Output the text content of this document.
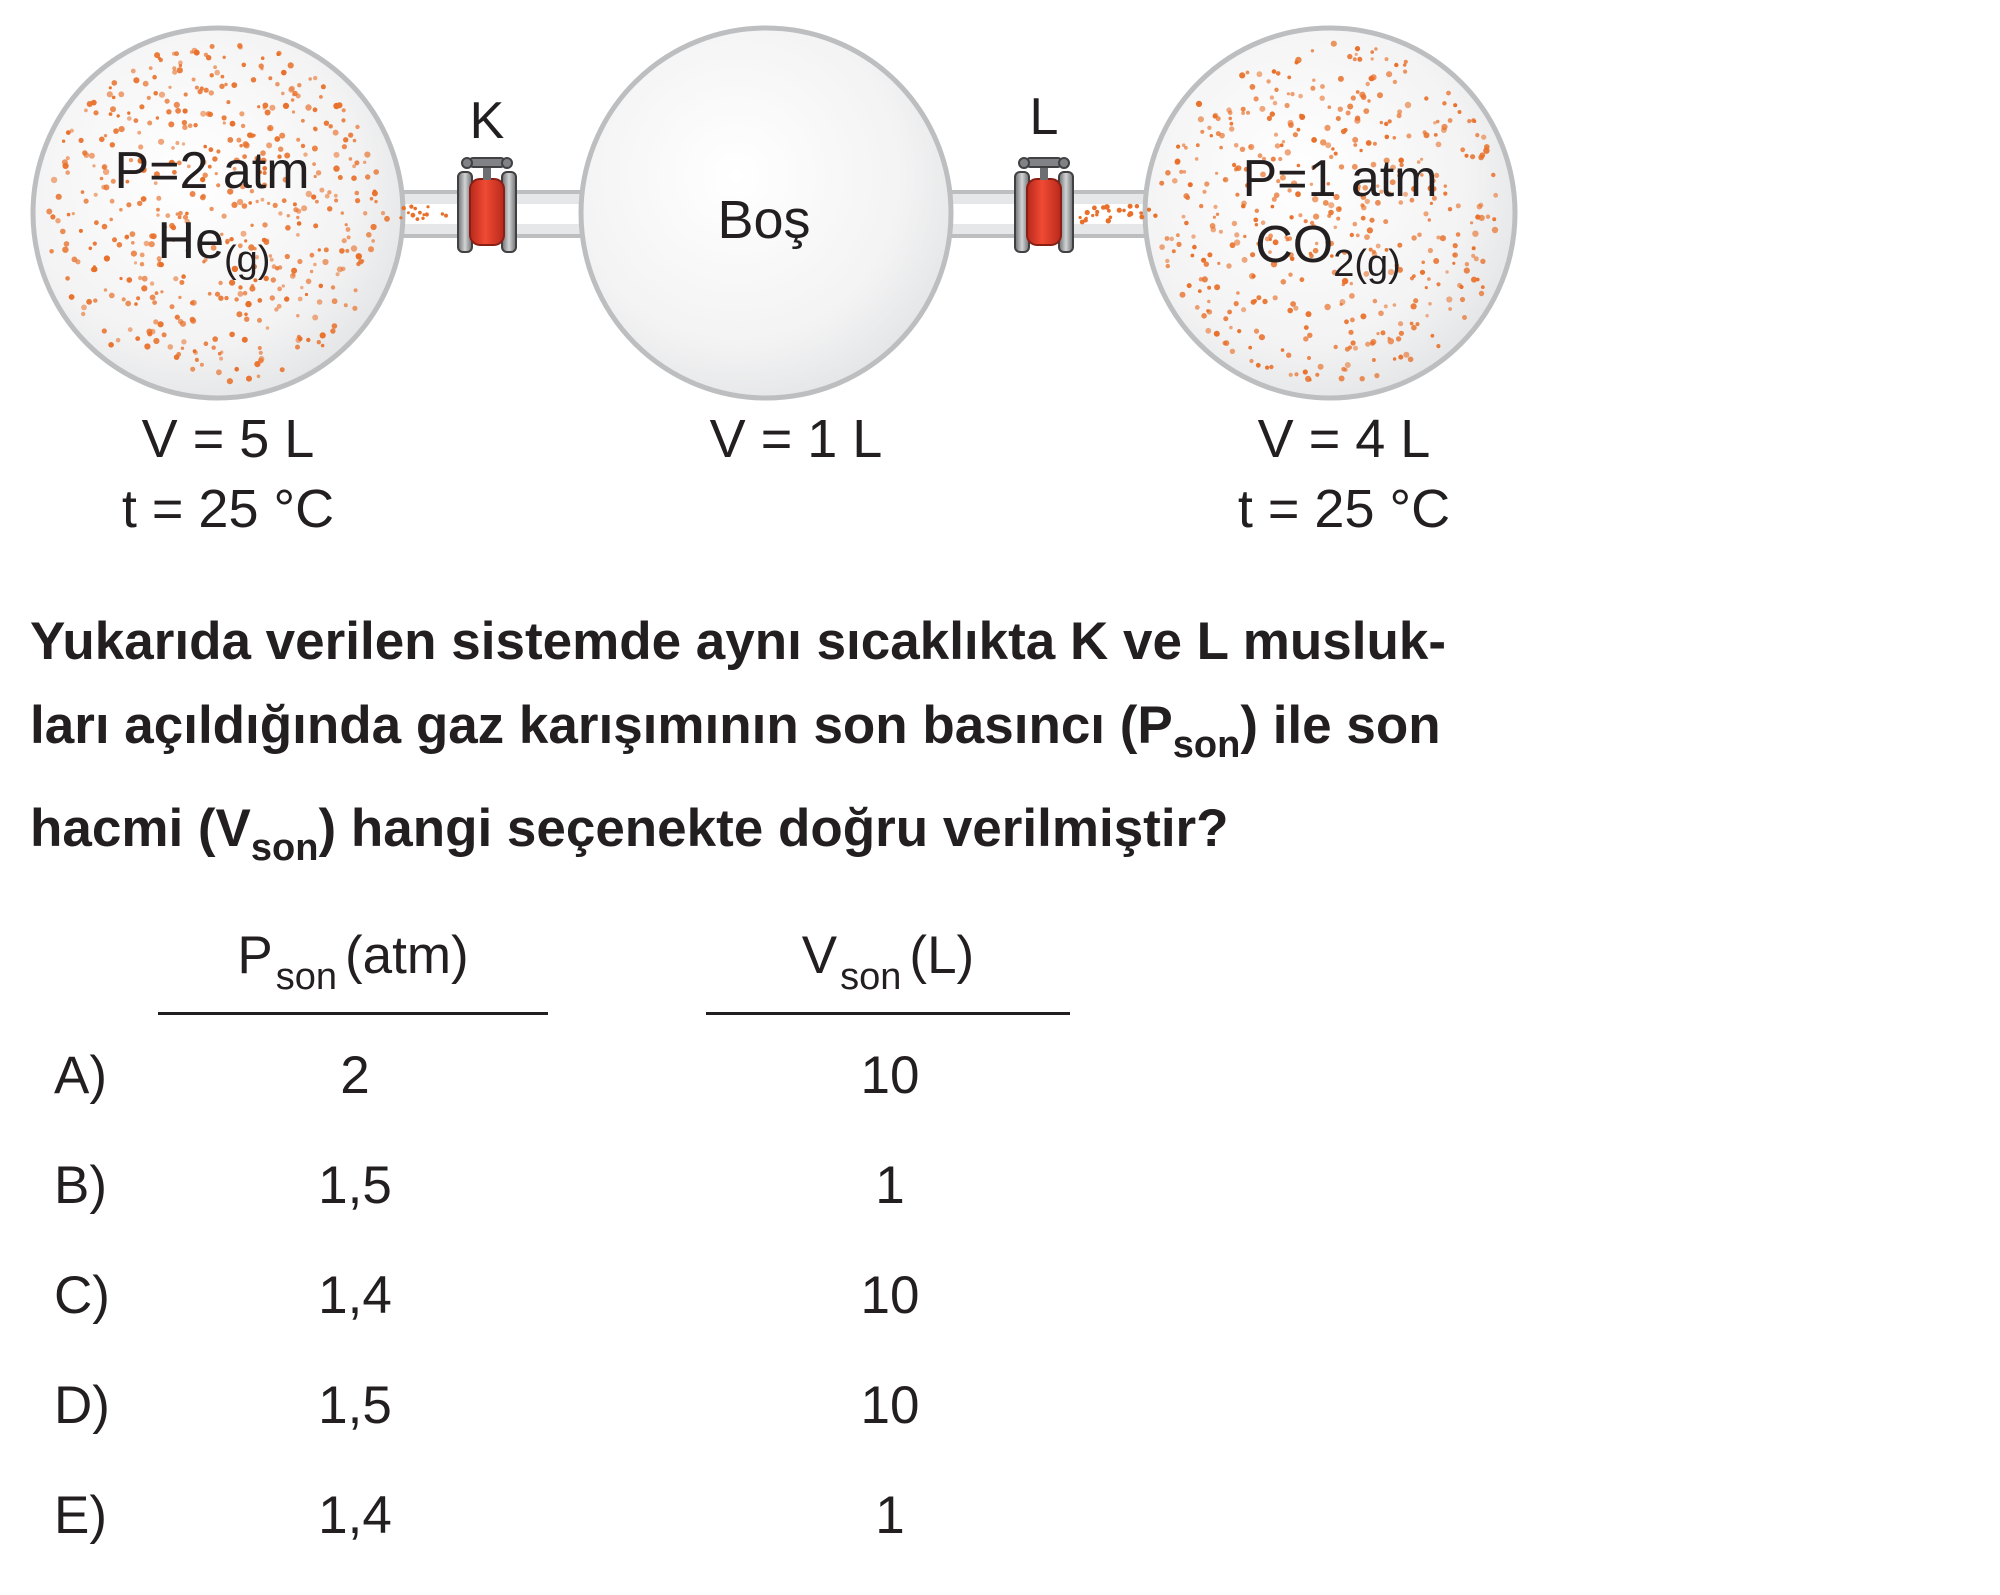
K	L
P=2 atm
$He_{(g)}$
Boş
P=1 atm
$CO_{2(g)}$
V = 5 L
t = 25 °C
V = 1 L	V = 4 L
t = 25 °C
Yukarıda verilen sistemde aynı sıcaklıkta K ve L musluk-
ları açıldığında gaz karışımının son basıncı $(P_{son})$ ile son
hacmi $(V_{son})$ hangi seçenekte doğru verilmiştir?
$P_{son}$ (atm)	$V_{son}$ (L)
A)	2	10
B)	1,5	1
C)	1,4	10
D)	1,5	10
E)	1,4	1
